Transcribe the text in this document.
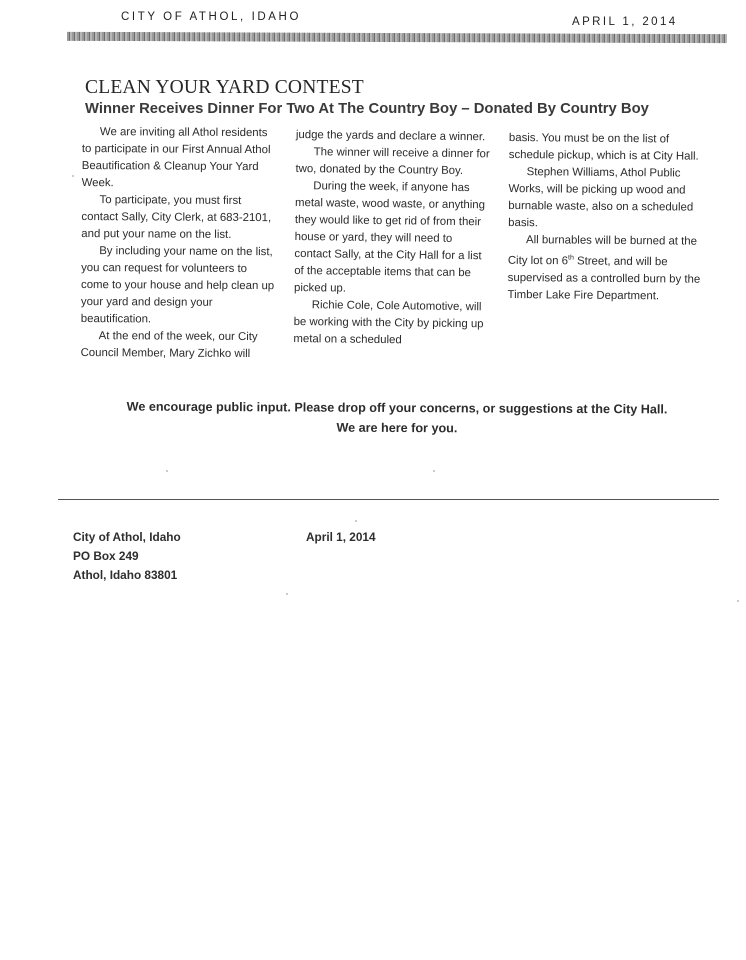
CITY OF ATHOL, IDAHO	APRIL 1, 2014
CLEAN YOUR YARD CONTEST
Winner Receives Dinner For Two At The Country Boy – Donated By Country Boy

We are inviting all Athol residents to participate in our First Annual Athol Beautification & Cleanup Your Yard Week.

To participate, you must first contact Sally, City Clerk, at 683-2101, and put your name on the list.

By including your name on the list, you can request for volunteers to come to your house and help clean up your yard and design your beautification.

At the end of the week, our City Council Member, Mary Zichko will

judge the yards and declare a winner.

The winner will receive a dinner for two, donated by the Country Boy.

During the week, if anyone has metal waste, wood waste, or anything they would like to get rid of from their house or yard, they will need to contact Sally, at the City Hall for a list of the acceptable items that can be picked up.

Richie Cole, Cole Automotive, will be working with the City by picking up metal on a scheduled

basis. You must be on the list of schedule pickup, which is at City Hall.

Stephen Williams, Athol Public Works, will be picking up wood and burnable waste, also on a scheduled basis.

All burnables will be burned at the City lot on 6th Street, and will be supervised as a controlled burn by the Timber Lake Fire Department.

We encourage public input. Please drop off your concerns, or suggestions at the City Hall.
We are here for you.
City of Athol, Idaho
PO Box 249
Athol, Idaho 83801
April 1, 2014
